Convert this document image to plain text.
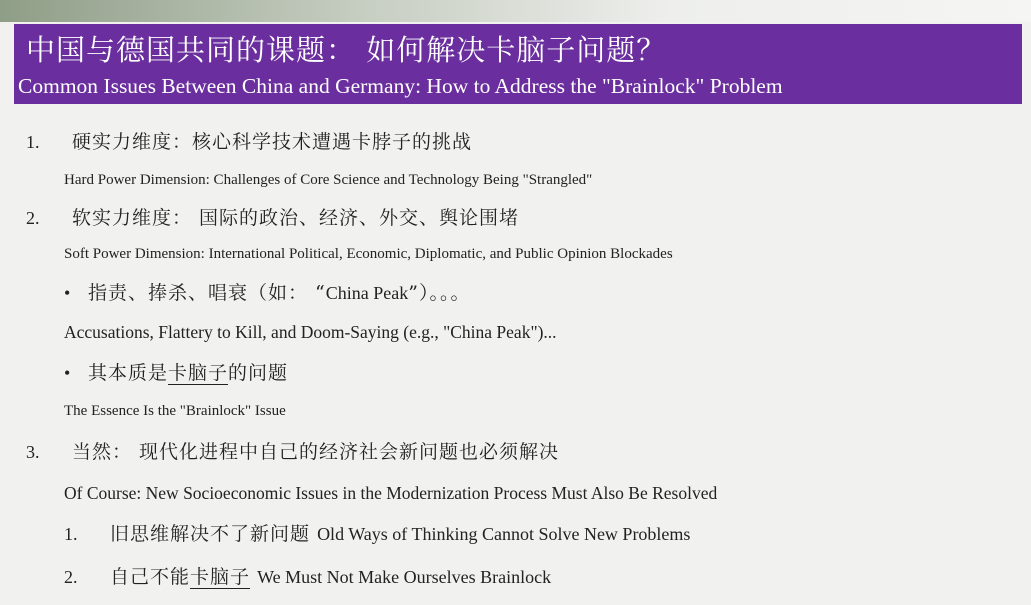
中国与德国共同的课题： 如何解决卡脑子问题？
Common Issues Between China and Germany: How to Address the "Brainlock" Problem
1. 硬实力维度：核心科学技术遭遇卡脖子的挑战
Hard Power Dimension: Challenges of Core Science and Technology Being "Strangled"
2. 软实力维度： 国际的政治、经济、外交、舆论围堵
Soft Power Dimension: International Political, Economic, Diplomatic, and Public Opinion Blockades
• 指责、捧杀、唱衰（如： “China Peak”）。。。
Accusations, Flattery to Kill, and Doom-Saying (e.g., "China Peak")...
• 其本质是卡脑子的问题
The Essence Is the "Brainlock" Issue
3. 当然： 现代化进程中自己的经济社会新问题也必须解决
Of Course: New Socioeconomic Issues in the Modernization Process Must Also Be Resolved
1. 旧思维解决不了新问题 Old Ways of Thinking Cannot Solve New Problems
2. 自己不能卡脑子 We Must Not Make Ourselves Brainlock
